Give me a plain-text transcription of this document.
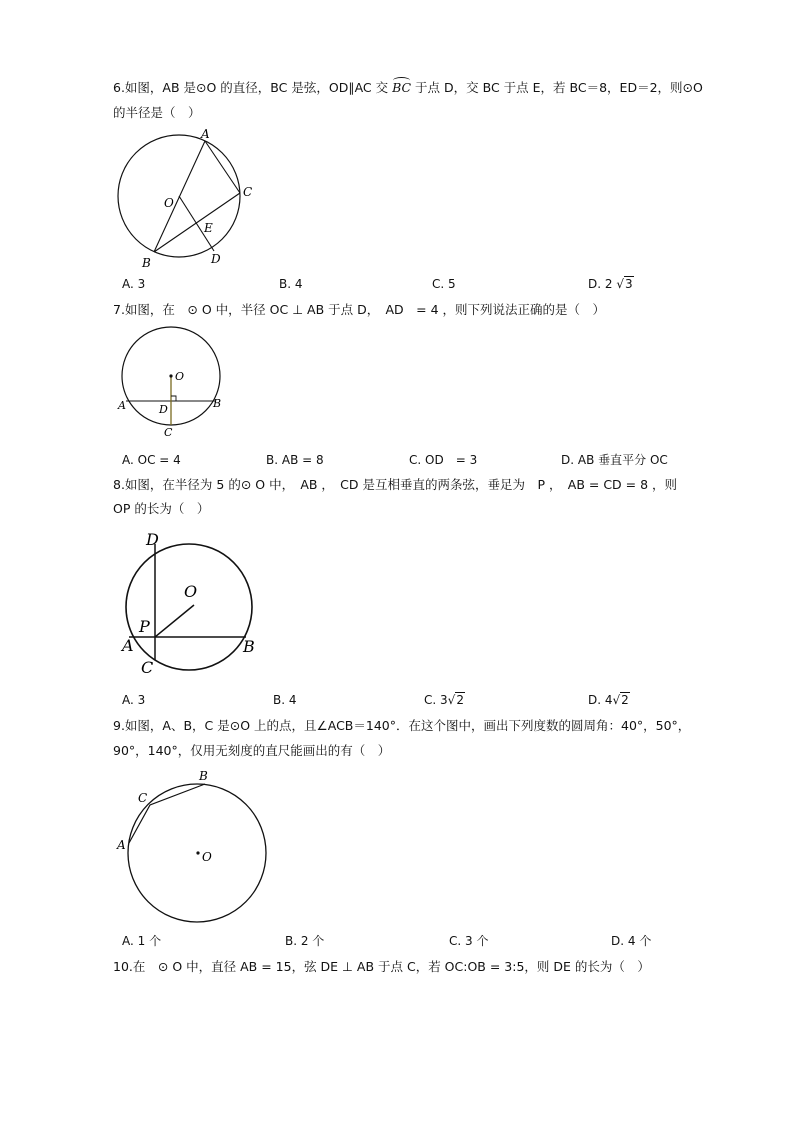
6.如图，AB 是⊙O 的直径，BC 是弦，OD∥AC 交 BC 于点 D，交 BC 于点 E，若 BC＝8，ED＝2，则⊙O
的半径是（　）
A
C
O
E
B	D
A. 3	B. 4	C. 5	D. 2 √3
7.如图，在　⊙ O 中，半径 OC ⊥ AB 于点 D，　AD　= 4 ，则下列说法正确的是（　）
O
A	B
D
C
A. OC = 4	B. AB = 8	C. OD　= 3	D. AB 垂直平分 OC
8.如图，在半径为 5 的⊙ O 中，　AB ，　CD 是互相垂直的两条弦，垂足为　P ，　AB = CD = 8 ，则
OP 的长为（　）
D
O
P
A	B
C
A. 3	B. 4	C. 3√2	D. 4√2
9.如图，A、B，C 是⊙O 上的点，且∠ACB＝140°．在这个图中，画出下列度数的圆周角：40°，50°，
90°，140°，仅用无刻度的直尺能画出的有（　）
B
C
A
O
A. 1 个	B. 2 个	C. 3 个	D. 4 个
10.在　⊙ O 中，直径 AB = 15，弦 DE ⊥ AB 于点 C，若 OC:OB = 3:5，则 DE 的长为（　）
